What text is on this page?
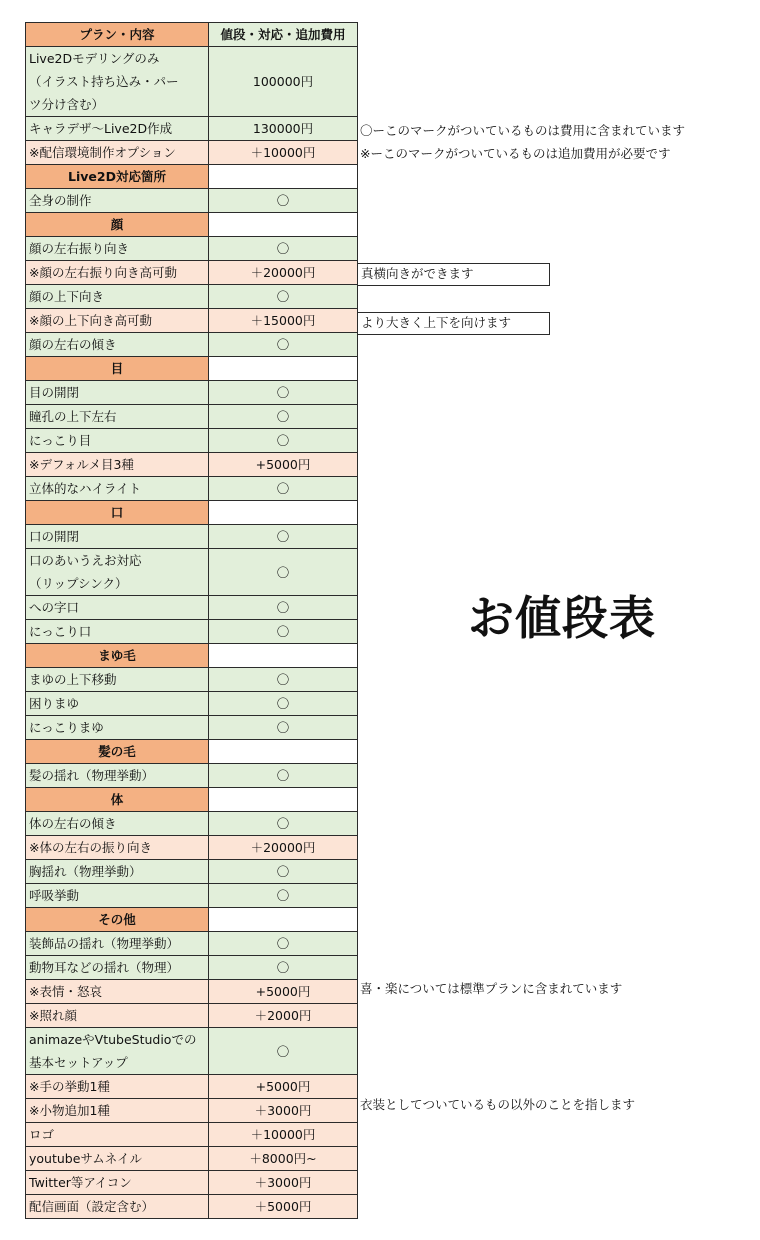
プラン・内容	値段・対応・追加費用
Live2Dモデリングのみ
（イラスト持ち込み・パー
ツ分け含む）	100000円
キャラデザ〜Live2D作成	130000円
※配信環境制作オプション	＋10000円
Live2D対応箇所	
全身の制作	〇
顔	
顔の左右振り向き	〇
※顔の左右振り向き高可動	＋20000円
顔の上下向き	〇
※顔の上下向き高可動	＋15000円
顔の左右の傾き	〇
目	
目の開閉	〇
瞳孔の上下左右	〇
にっこり目	〇
※デフォルメ目3種	+5000円
立体的なハイライト	〇
口	
口の開閉	〇
口のあいうえお対応
（リップシンク）	〇
への字口	〇
にっこり口	〇
まゆ毛	
まゆの上下移動	〇
困りまゆ	〇
にっこりまゆ	〇
髪の毛	
髪の揺れ（物理挙動）	〇
体	
体の左右の傾き	〇
※体の左右の振り向き	＋20000円
胸揺れ（物理挙動）	〇
呼吸挙動	〇
その他	
装飾品の揺れ（物理挙動）	〇
動物耳などの揺れ（物理）	〇
※表情・怒哀	+5000円
※照れ顔	＋2000円
animazeやVtubeStudioでの
基本セットアップ	〇
※手の挙動1種	+5000円
※小物追加1種	＋3000円
ロゴ	＋10000円
youtubeサムネイル	＋8000円~
Twitter等アイコン	＋3000円
配信画面（設定含む）	＋5000円
〇ーこのマークがついているものは費用に含まれています
※ーこのマークがついているものは追加費用が必要です
真横向きができます
より大きく上下を向けます
喜・楽については標準プランに含まれています
衣装としてついているもの以外のことを指します
お値段表
